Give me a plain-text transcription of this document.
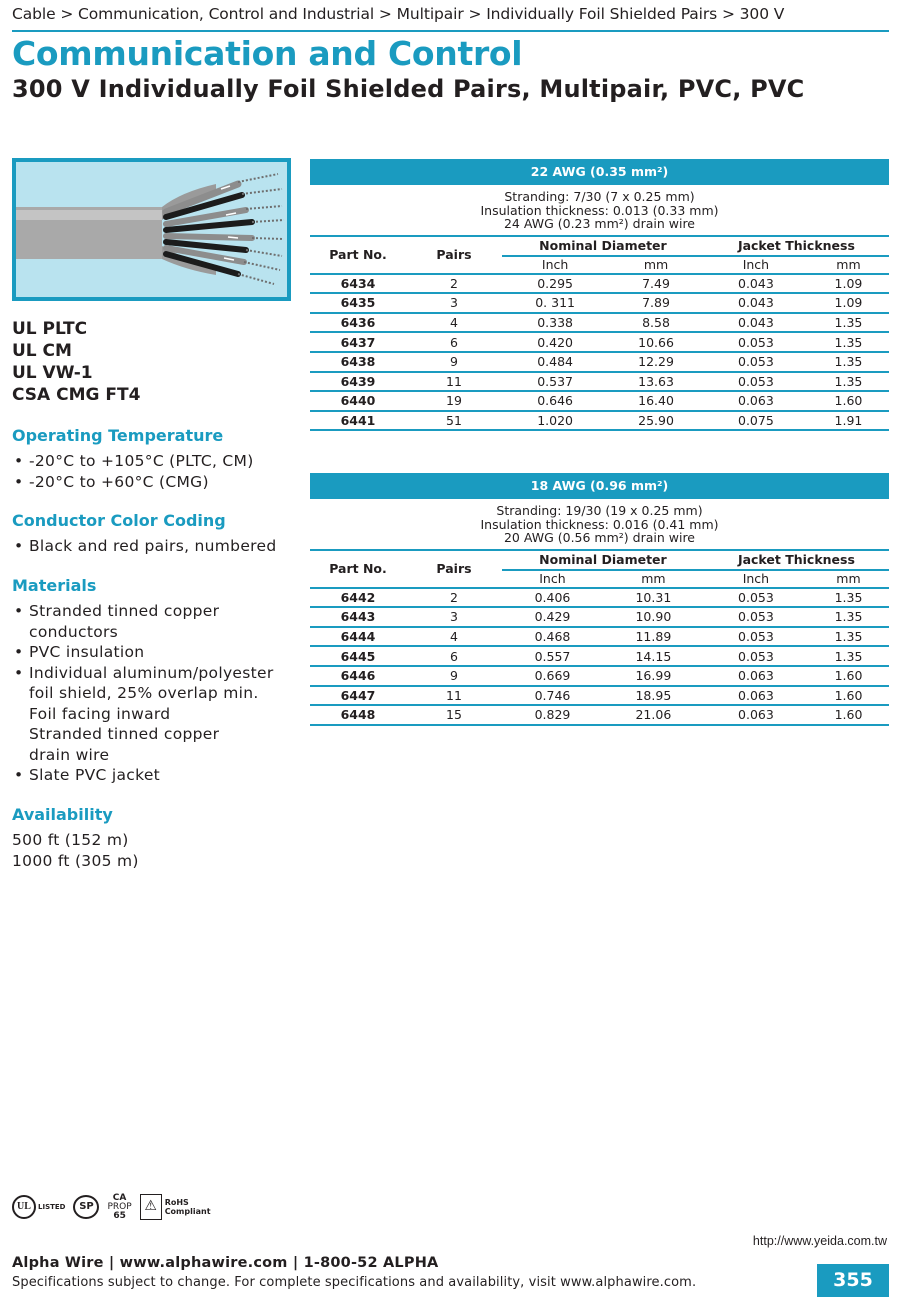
Cable > Communication, Control and Industrial > Multipair > Individually Foil Shielded Pairs > 300 V
Communication and Control
300 V Individually Foil Shielded Pairs, Multipair, PVC, PVC
UL PLTC
UL CM
UL VW-1
CSA CMG FT4
Operating Temperature
• -20°C to +105°C (PLTC, CM)
• -20°C to +60°C (CMG)
Conductor Color Coding
• Black and red pairs, numbered
Materials
• Stranded tinned copper
conductors
• PVC insulation
• Individual aluminum/polyester
foil shield, 25% overlap min.
Foil facing inward
Stranded tinned copper
drain wire
• Slate PVC jacket
Availability

500 ft (152 m)

1000 ft (305 m)

22 AWG (0.35 mm²)
Stranding: 7/30 (7 x 0.25 mm)
Insulation thickness: 0.013 (0.33 mm)
24 AWG (0.23 mm²) drain wire
Part No.	Pairs	Nominal Diameter		Jacket Thickness	
		Inch	mm	Inch	mm
6434	2	0.295	7.49	0.043	1.09
6435	3	0. 311	7.89	0.043	1.09
6436	4	0.338	8.58	0.043	1.35
6437	6	0.420	10.66	0.053	1.35
6438	9	0.484	12.29	0.053	1.35
6439	11	0.537	13.63	0.053	1.35
6440	19	0.646	16.40	0.063	1.60
6441	51	1.020	25.90	0.075	1.91
18 AWG (0.96 mm²)
Stranding: 19/30 (19 x 0.25 mm)
Insulation thickness: 0.016 (0.41 mm)
20 AWG (0.56 mm²) drain wire
Part No.	Pairs	Nominal Diameter		Jacket Thickness	
		Inch	mm	Inch	mm
6442	2	0.406	10.31	0.053	1.35
6443	3	0.429	10.90	0.053	1.35
6444	4	0.468	11.89	0.053	1.35
6445	6	0.557	14.15	0.053	1.35
6446	9	0.669	16.99	0.063	1.60
6447	11	0.746	18.95	0.063	1.60
6448	15	0.829	21.06	0.063	1.60
UL	LISTED	SP
CA
PROP
65
⚠ RoHS
Compliant
http://www.yeida.com.tw
Alpha Wire | www.alphawire.com | 1-800-52 ALPHA
Specifications subject to change. For complete specifications and availability, visit www.alphawire.com.	355
